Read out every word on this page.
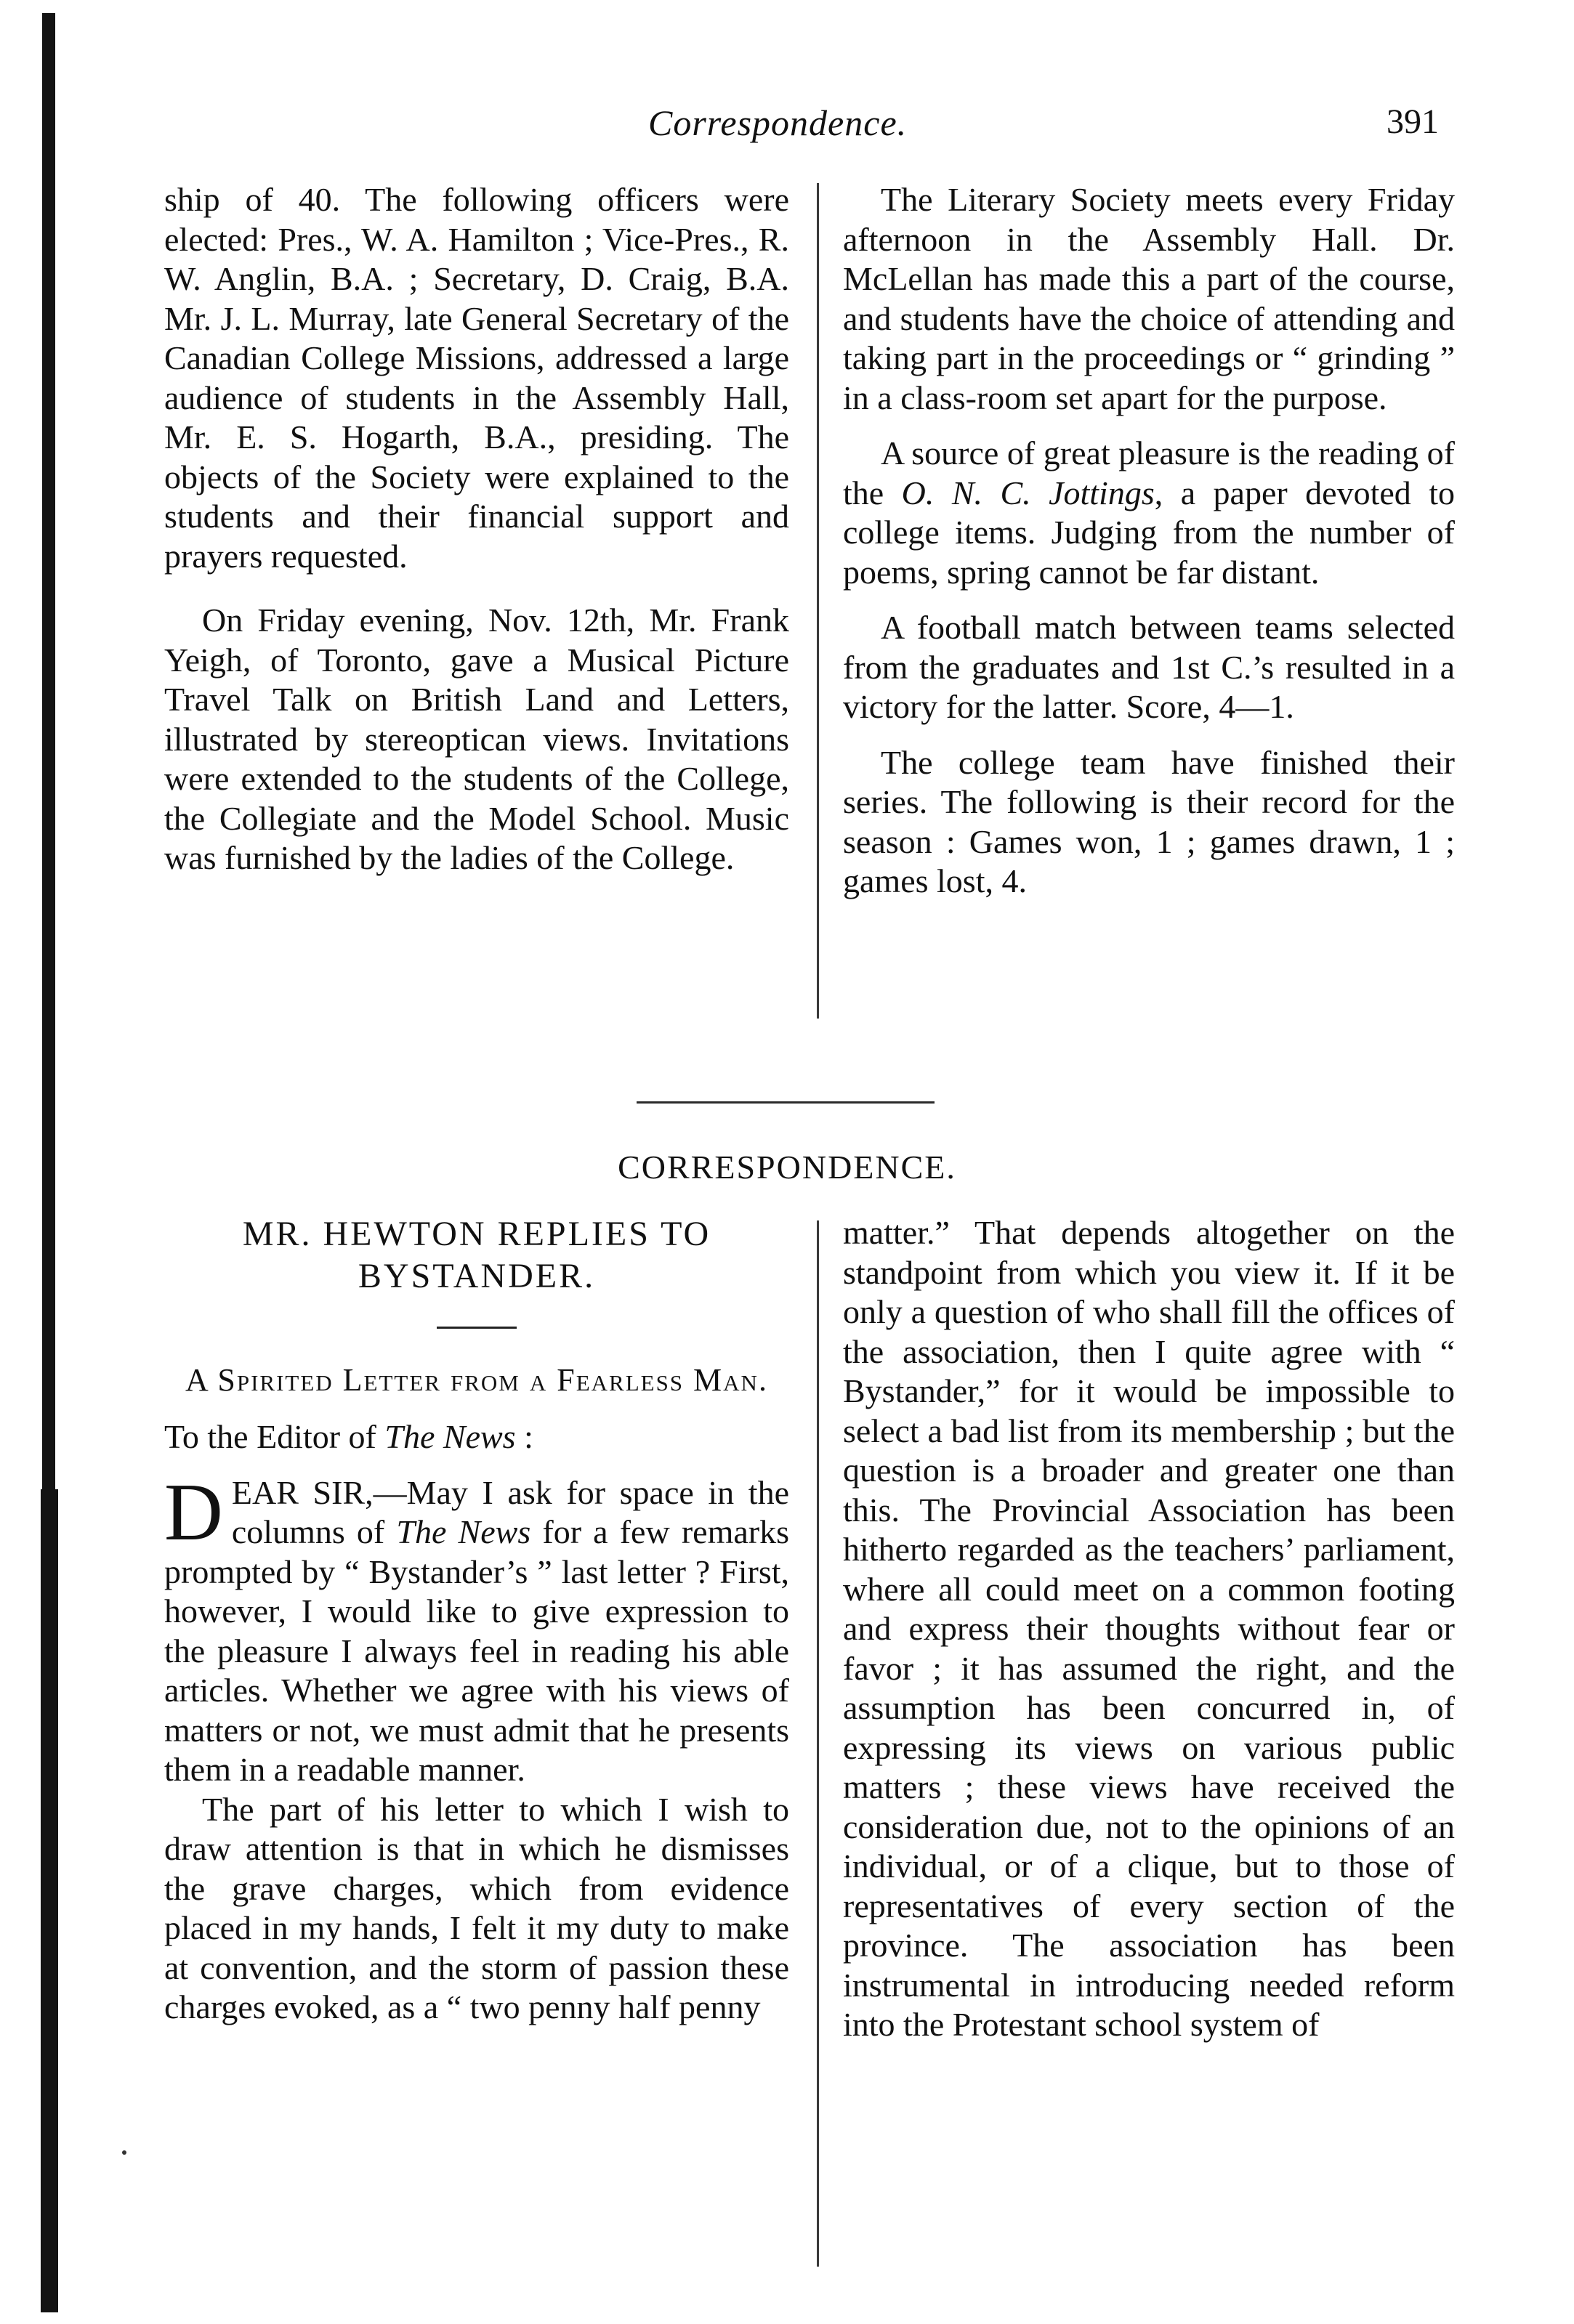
Correspondence.	391

ship of 40. The following officers were elected: Pres., W. A. Hamilton ; Vice-Pres., R. W. Anglin, B.A. ; Secretary, D. Craig, B.A. Mr. J. L. Murray, late General Secretary of the Canadian College Missions, addressed a large audience of students in the Assembly Hall, Mr. E. S. Hogarth, B.A., presiding. The objects of the Society were explained to the students and their financial support and prayers requested.

On Friday evening, Nov. 12th, Mr. Frank Yeigh, of Toronto, gave a Musical Picture Travel Talk on British Land and Letters, illustrated by stereoptican views. Invitations were extended to the students of the College, the Collegiate and the Model School. Music was furnished by the ladies of the College.

The Literary Society meets every Friday afternoon in the Assembly Hall. Dr. McLellan has made this a part of the course, and students have the choice of attending and taking part in the proceedings or “ grinding ” in a class-room set apart for the purpose.

A source of great pleasure is the reading of the O. N. C. Jottings, a paper devoted to college items. Judging from the number of poems, spring cannot be far distant.

A football match between teams selected from the graduates and 1st C.’s resulted in a victory for the latter. Score, 4—1.

The college team have finished their series. The following is their record for the season : Games won, 1 ; games drawn, 1 ; games lost, 4.

CORRESPONDENCE.

MR. HEWTON REPLIES TO BYSTANDER.

A Spirited Letter from a Fearless Man.

To the Editor of The News :

DEAR SIR,—May I ask for space in the columns of The News for a few remarks prompted by “ Bystander’s ” last letter ? First, however, I would like to give expression to the pleasure I always feel in reading his able articles. Whether we agree with his views of matters or not, we must admit that he presents them in a readable manner.

The part of his letter to which I wish to draw attention is that in which he dismisses the grave charges, which from evidence placed in my hands, I felt it my duty to make at convention, and the storm of passion these charges evoked, as a “ two penny half penny

matter.” That depends altogether on the standpoint from which you view it. If it be only a question of who shall fill the offices of the association, then I quite agree with “ Bystander,” for it would be impossible to select a bad list from its membership ; but the question is a broader and greater one than this. The Provincial Association has been hitherto regarded as the teachers’ parliament, where all could meet on a common footing and express their thoughts without fear or favor ; it has assumed the right, and the assumption has been concurred in, of expressing its views on various public matters ; these views have received the consideration due, not to the opinions of an individual, or of a clique, but to those of representatives of every section of the province. The association has been instrumental in introducing needed reform into the Protestant school system of
